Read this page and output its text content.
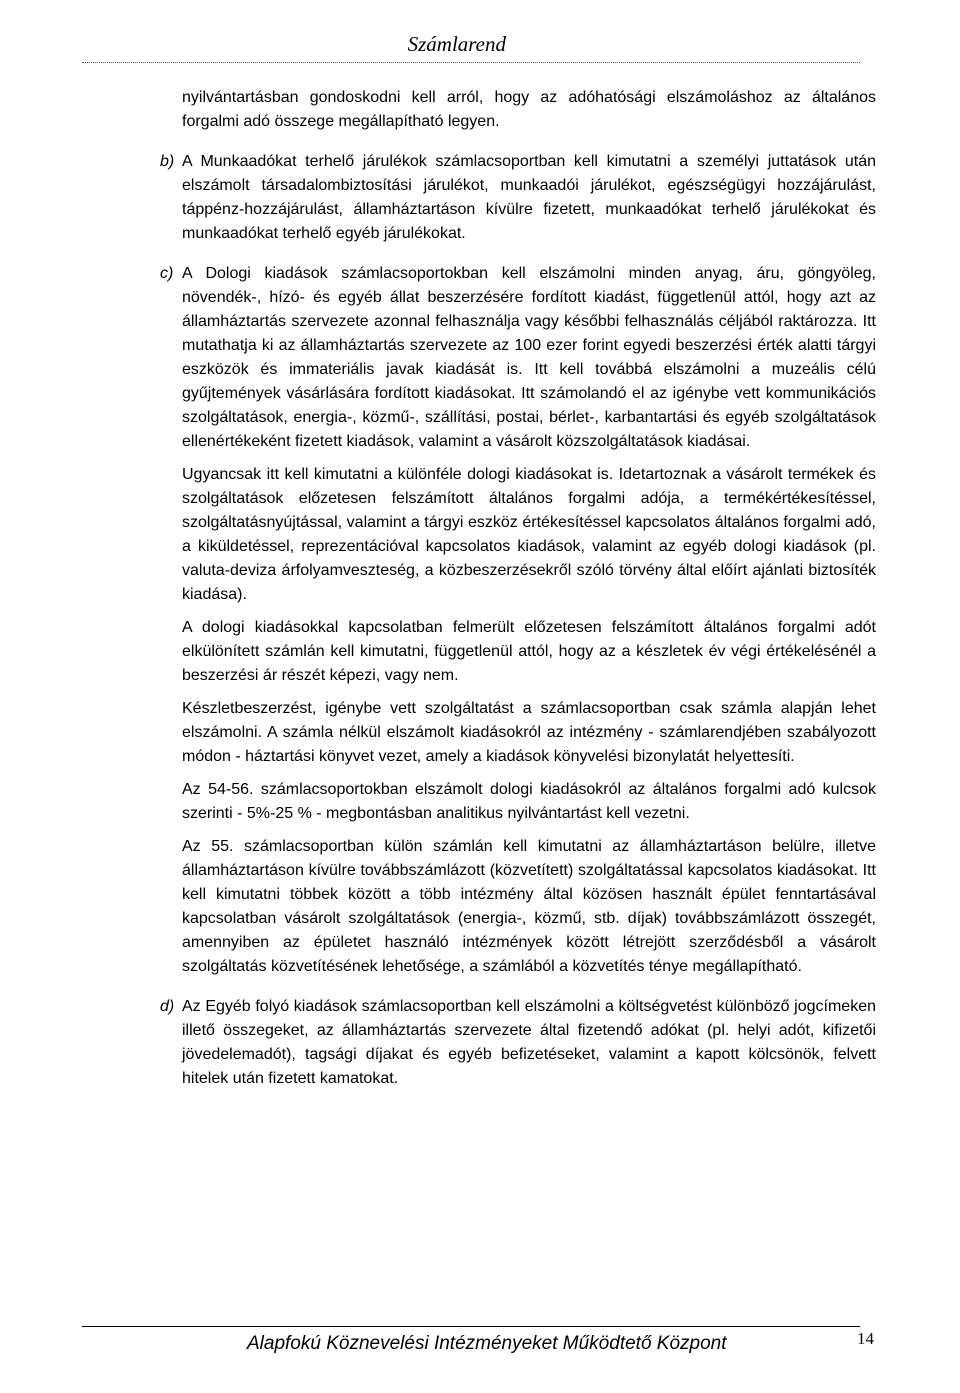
Számlarend

nyilvántartásban gondoskodni kell arról, hogy az adóhatósági elszámoláshoz az általános forgalmi adó összege megállapítható legyen.

b) A Munkaadókat terhelő járulékok számlacsoportban kell kimutatni a személyi juttatások után elszámolt társadalombiztosítási járulékot, munkaadói járulékot, egészségügyi hozzájárulást, táppénz-hozzájárulást, államháztartáson kívülre fizetett, munkaadókat terhelő járulékokat és munkaadókat terhelő egyéb járulékokat.

c) A Dologi kiadások számlacsoportokban kell elszámolni minden anyag, áru, göngyöleg, növendék-, hízó- és egyéb állat beszerzésére fordított kiadást, függetlenül attól, hogy azt az államháztartás szervezete azonnal felhasználja vagy későbbi felhasználás céljából raktározza. Itt mutathatja ki az államháztartás szervezete az 100 ezer forint egyedi beszerzési érték alatti tárgyi eszközök és immateriális javak kiadását is. Itt kell továbbá elszámolni a muzeális célú gyűjtemények vásárlására fordított kiadásokat. Itt számolandó el az igénybe vett kommunikációs szolgáltatások, energia-, közmű-, szállítási, postai, bérlet-, karbantartási és egyéb szolgáltatások ellenértékeként fizetett kiadások, valamint a vásárolt közszolgáltatások kiadásai.

Ugyancsak itt kell kimutatni a különféle dologi kiadásokat is. Idetartoznak a vásárolt termékek és szolgáltatások előzetesen felszámított általános forgalmi adója, a termékértékesítéssel, szolgáltatásnyújtással, valamint a tárgyi eszköz értékesítéssel kapcsolatos általános forgalmi adó, a kiküldetéssel, reprezentációval kapcsolatos kiadások, valamint az egyéb dologi kiadások (pl. valuta-deviza árfolyamveszteség, a közbeszerzésekről szóló törvény által előírt ajánlati biztosíték kiadása).

A dologi kiadásokkal kapcsolatban felmerült előzetesen felszámított általános forgalmi adót elkülönített számlán kell kimutatni, függetlenül attól, hogy az a készletek év végi értékelésénél a beszerzési ár részét képezi, vagy nem.

Készletbeszerzést, igénybe vett szolgáltatást a számlacsoportban csak számla alapján lehet elszámolni. A számla nélkül elszámolt kiadásokról az intézmény - számlarendjében szabályozott módon - háztartási könyvet vezet, amely a kiadások könyvelési bizonylatát helyettesíti.

Az 54-56. számlacsoportokban elszámolt dologi kiadásokról az általános forgalmi adó kulcsok szerinti - 5%-25 % - megbontásban analitikus nyilvántartást kell vezetni.

Az 55. számlacsoportban külön számlán kell kimutatni az államháztartáson belülre, illetve államháztartáson kívülre továbbszámlázott (közvetített) szolgáltatással kapcsolatos kiadásokat. Itt kell kimutatni többek között a több intézmény által közösen használt épület fenntartásával kapcsolatban vásárolt szolgáltatások (energia-, közmű, stb. díjak) továbbszámlázott összegét, amennyiben az épületet használó intézmények között létrejött szerződésből a vásárolt szolgáltatás közvetítésének lehetősége, a számlából a közvetítés ténye megállapítható.

d) Az Egyéb folyó kiadások számlacsoportban kell elszámolni a költségvetést különböző jogcímeken illető összegeket, az államháztartás szervezete által fizetendő adókat (pl. helyi adót, kifizetői jövedelemadót), tagsági díjakat és egyéb befizetéseket, valamint a kapott kölcsönök, felvett hitelek után fizetett kamatokat.

Alapfokú Köznevelési Intézményeket Működtető Központ	14
